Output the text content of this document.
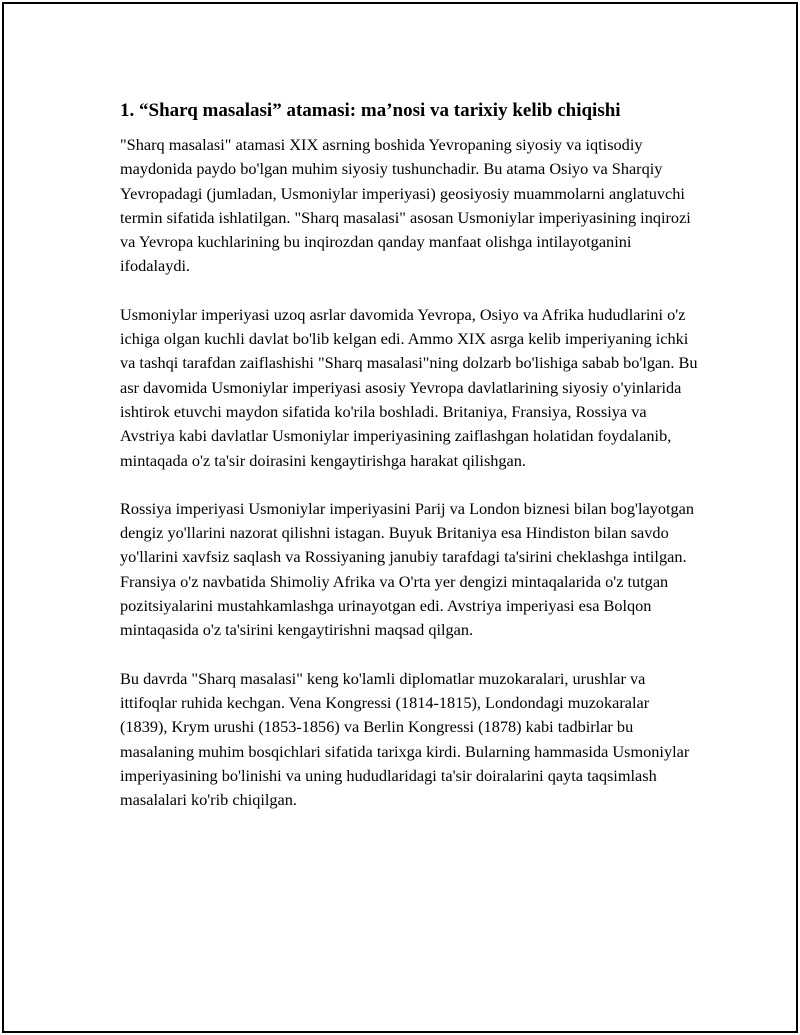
1. “Sharq masalasi” atamasi: ma’nosi va tarixiy kelib chiqishi

"Sharq masalasi" atamasi XIX asrning boshida Yevropaning siyosiy va iqtisodiy maydonida paydo bo'lgan muhim siyosiy tushunchadir. Bu atama Osiyo va Sharqiy Yevropadagi (jumladan, Usmoniylar imperiyasi) geosiyosiy muammolarni anglatuvchi termin sifatida ishlatilgan. "Sharq masalasi" asosan Usmoniylar imperiyasining inqirozi va Yevropa kuchlarining bu inqirozdan qanday manfaat olishga intilayotganini ifodalaydi.

Usmoniylar imperiyasi uzoq asrlar davomida Yevropa, Osiyo va Afrika hududlarini o'z ichiga olgan kuchli davlat bo'lib kelgan edi. Ammo XIX asrga kelib imperiyaning ichki va tashqi tarafdan zaiflashishi "Sharq masalasi"ning dolzarb bo'lishiga sabab bo'lgan. Bu asr davomida Usmoniylar imperiyasi asosiy Yevropa davlatlarining siyosiy o'yinlarida ishtirok etuvchi maydon sifatida ko'rila boshladi. Britaniya, Fransiya, Rossiya va Avstriya kabi davlatlar Usmoniylar imperiyasining zaiflashgan holatidan foydalanib, mintaqada o'z ta'sir doirasini kengaytirishga harakat qilishgan.

Rossiya imperiyasi Usmoniylar imperiyasini Parij va London biznesi bilan bog'layotgan dengiz yo'llarini nazorat qilishni istagan. Buyuk Britaniya esa Hindiston bilan savdo yo'llarini xavfsiz saqlash va Rossiyaning janubiy tarafdagi ta'sirini cheklashga intilgan. Fransiya o'z navbatida Shimoliy Afrika va O'rta yer dengizi mintaqalarida o'z tutgan pozitsiyalarini mustahkamlashga urinayotgan edi. Avstriya imperiyasi esa Bolqon mintaqasida o'z ta'sirini kengaytirishni maqsad qilgan.

Bu davrda "Sharq masalasi" keng ko'lamli diplomatlar muzokaralari, urushlar va ittifoqlar ruhida kechgan. Vena Kongressi (1814-1815), Londondagi muzokaralar (1839), Krym urushi (1853-1856) va Berlin Kongressi (1878) kabi tadbirlar bu masalaning muhim bosqichlari sifatida tarixga kirdi. Bularning hammasida Usmoniylar imperiyasining bo'linishi va uning hududlaridagi ta'sir doiralarini qayta taqsimlash masalalari ko'rib chiqilgan.
